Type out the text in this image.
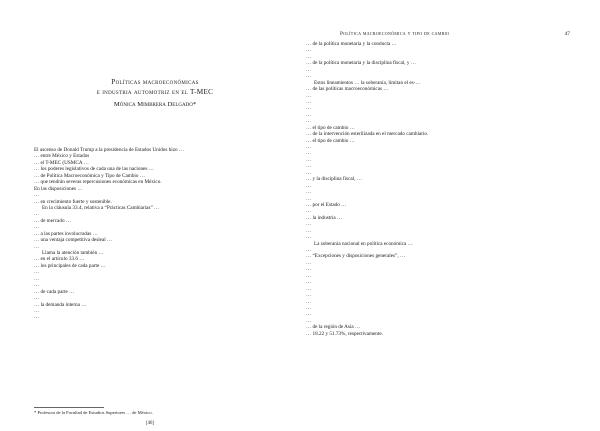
Políticas macroeconómicas
e industria automotriz en el T-MEC

Mónica Mimbrera Delgado*

El ascenso de Donald Trump a la presidencia de Estados Unidos hizo …
… entre México y Estados
… el T-MEC (USMCA …
… los poderes legislativos de cada una de las naciones …
… de Política Macroeconómica y Tipo de Cambio …
… que tendrán severas repercusiones económicas en México.
En las disposiciones …
…
… en crecimiento fuerte y sostenible.
En la cláusula 33.4, relativa a “Prácticas Cambiarias” …
…
… de mercado …
…
… a las partes involucradas …
… una ventaja competitiva desleal …
…
Llama la atención también …
… en el artículo 33.6 …
… los principales de cada parte …
…
…
…
… de cada parte …
…
… la demanda interna …
…
…

* Profesora de la Facultad de Estudios Superiores … de México.

[46]

Política macroeconómica y tipo de cambio	47

… de la política monetaria y la conducta …
…
…
… de la política monetaria y la disciplina fiscal, y …
…
…
Estos lineamientos … la soberanía, limitan el es-…
… de las políticas macroeconómicas …
…
…
…
…
…
… el tipo de cambio …
… de la intervención esterilizada en el mercado cambiario.
… el tipo de cambio …
…
…
…
…
…
… y la disciplina fiscal, …
…
…
…
… por el Estado …
…
… la industria …
…
…
…
La soberanía nacional en política económica …
…
… “Excepciones y disposiciones generales”, …
…
…
…
…
…
…
…
…
…
…
… de la región de Asia …
… 18.22 y 51.73%, respectivamente.
